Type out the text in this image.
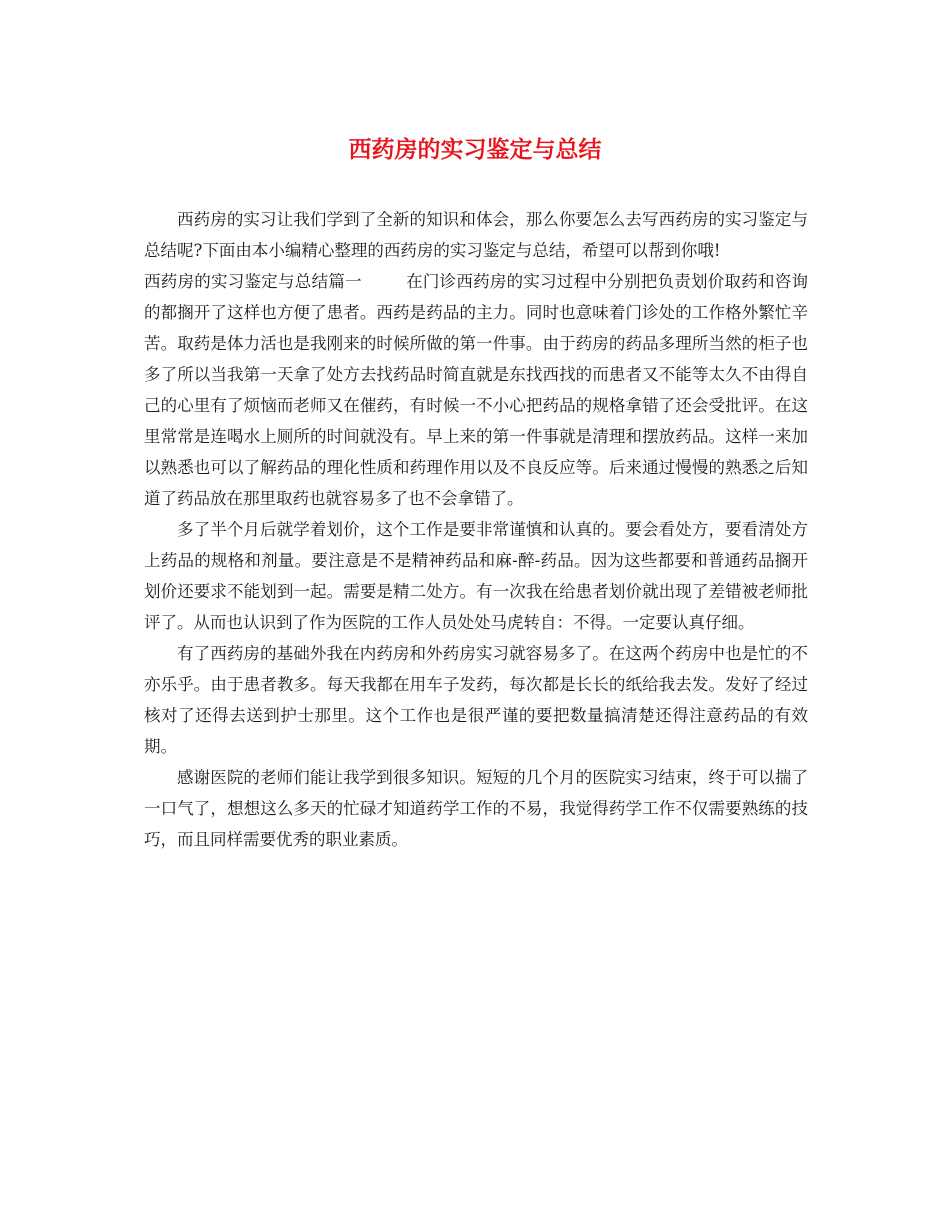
西药房的实习鉴定与总结

西药房的实习让我们学到了全新的知识和体会，那么你要怎么去写西药房的实习鉴定与总结呢?下面由本小编精心整理的西药房的实习鉴定与总结，希望可以帮到你哦!

西药房的实习鉴定与总结篇一	在门诊西药房的实习过程中分别把负责划价取药和咨询的都搁开了这样也方便了患者。西药是药品的主力。同时也意味着门诊处的工作格外繁忙辛苦。取药是体力活也是我刚来的时候所做的第一件事。由于药房的药品多理所当然的柜子也多了所以当我第一天拿了处方去找药品时简直就是东找西找的而患者又不能等太久不由得自己的心里有了烦恼而老师又在催药，有时候一不小心把药品的规格拿错了还会受批评。在这里常常是连喝水上厕所的时间就没有。早上来的第一件事就是清理和摆放药品。这样一来加以熟悉也可以了解药品的理化性质和药理作用以及不良反应等。后来通过慢慢的熟悉之后知道了药品放在那里取药也就容易多了也不会拿错了。

多了半个月后就学着划价，这个工作是要非常谨慎和认真的。要会看处方，要看清处方上药品的规格和剂量。要注意是不是精神药品和麻-醉-药品。因为这些都要和普通药品搁开划价还要求不能划到一起。需要是精二处方。有一次我在给患者划价就出现了差错被老师批评了。从而也认识到了作为医院的工作人员处处马虎转自：不得。一定要认真仔细。

有了西药房的基础外我在内药房和外药房实习就容易多了。在这两个药房中也是忙的不亦乐乎。由于患者教多。每天我都在用车子发药，每次都是长长的纸给我去发。发好了经过核对了还得去送到护士那里。这个工作也是很严谨的要把数量搞清楚还得注意药品的有效期。

感谢医院的老师们能让我学到很多知识。短短的几个月的医院实习结束，终于可以揣了一口气了，想想这么多天的忙碌才知道药学工作的不易，我觉得药学工作不仅需要熟练的技巧，而且同样需要优秀的职业素质。
